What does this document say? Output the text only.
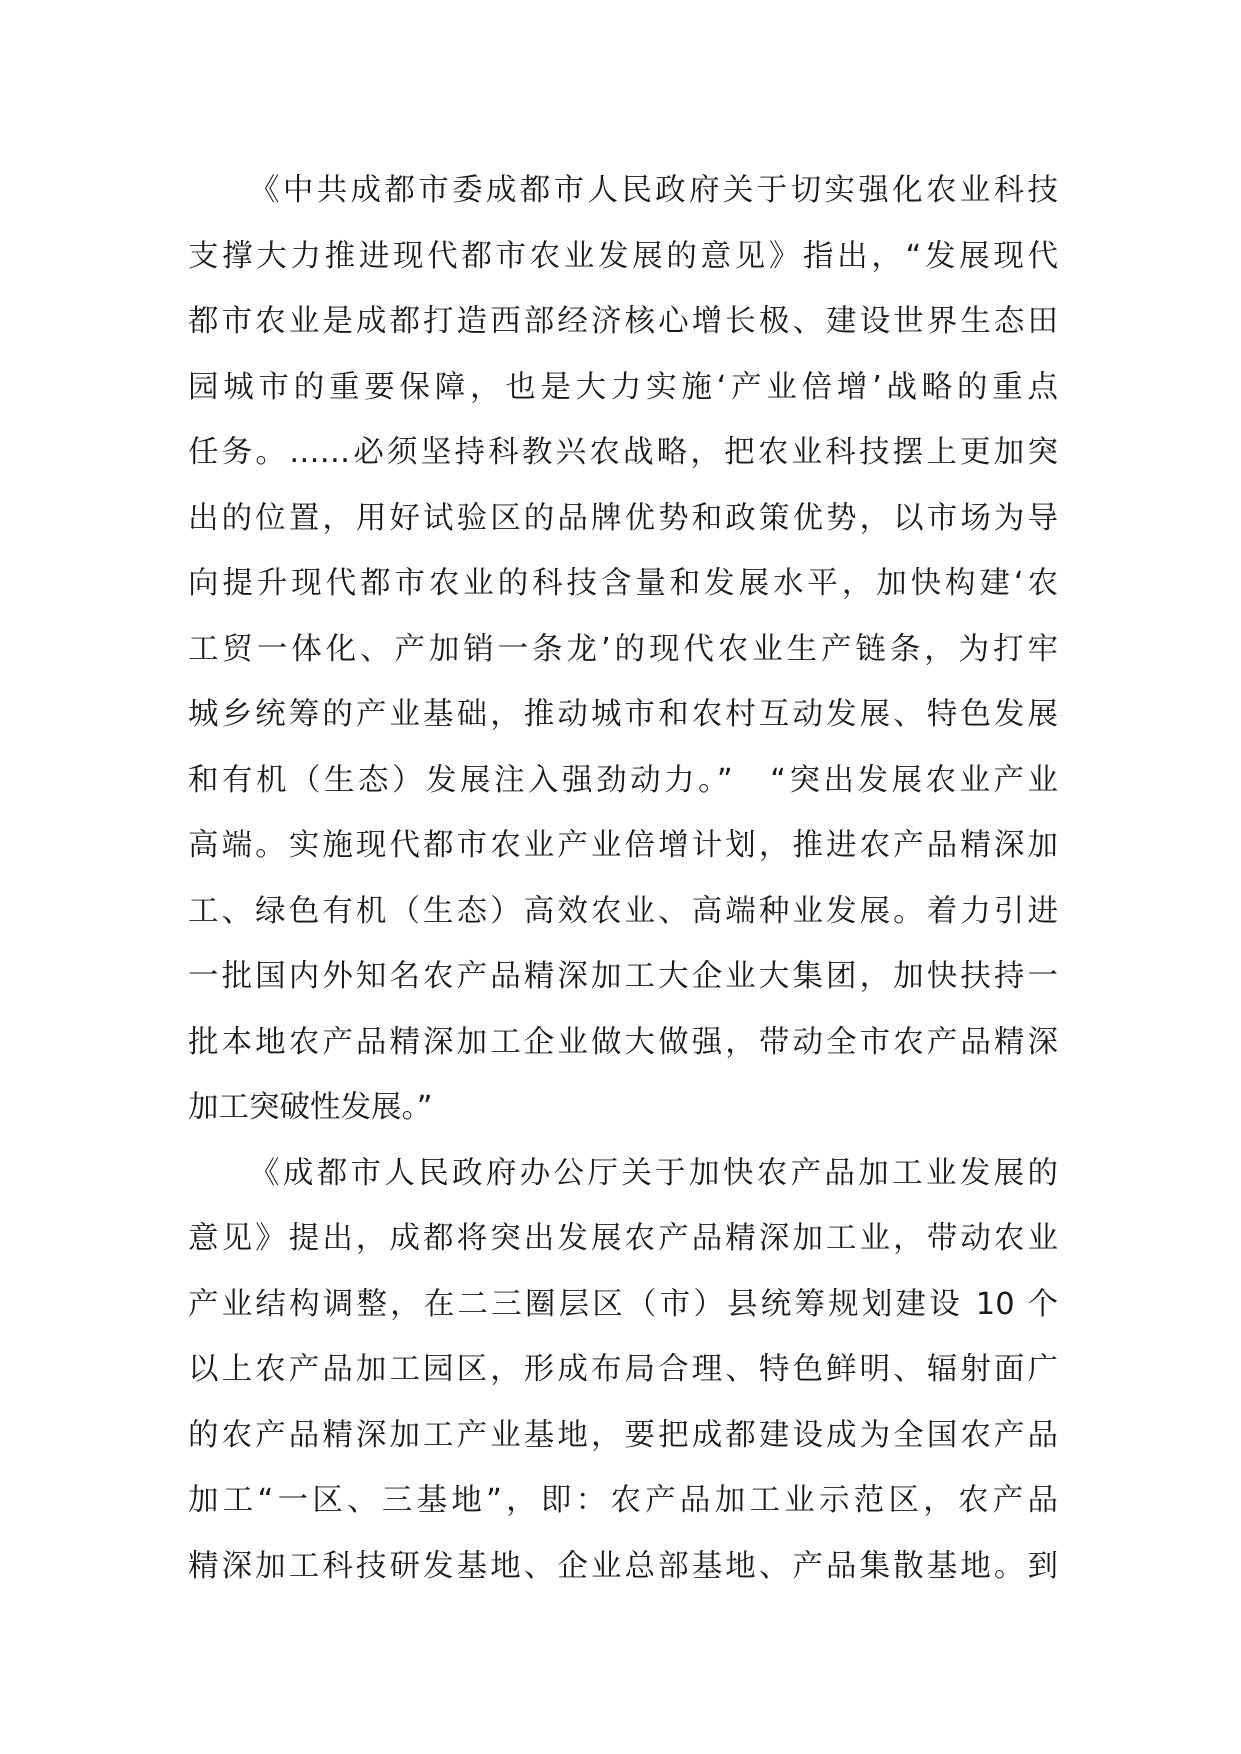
《中共成都市委成都市人民政府关于切实强化农业科技
支撑大力推进现代都市农业发展的意见》指出，“发展现代
都市农业是成都打造西部经济核心增长极、建设世界生态田
园城市的重要保障，也是大力实施‘产业倍增’战略的重点
任务。……必须坚持科教兴农战略，把农业科技摆上更加突
出的位置，用好试验区的品牌优势和政策优势，以市场为导
向提升现代都市农业的科技含量和发展水平，加快构建‘农
工贸一体化、产加销一条龙’的现代农业生产链条，为打牢
城乡统筹的产业基础，推动城市和农村互动发展、特色发展
和有机（生态）发展注入强劲动力。”　“突出发展农业产业
高端。实施现代都市农业产业倍增计划，推进农产品精深加
工、绿色有机（生态）高效农业、高端种业发展。着力引进
一批国内外知名农产品精深加工大企业大集团，加快扶持一
批本地农产品精深加工企业做大做强，带动全市农产品精深
加工突破性发展。”
《成都市人民政府办公厅关于加快农产品加工业发展的
意见》提出，成都将突出发展农产品精深加工业，带动农业
产业结构调整，在二三圈层区（市）县统筹规划建设 10 个
以上农产品加工园区，形成布局合理、特色鲜明、辐射面广
的农产品精深加工产业基地，要把成都建设成为全国农产品
加工“一区、三基地”，即：农产品加工业示范区，农产品
精深加工科技研发基地、企业总部基地、产品集散基地。到
